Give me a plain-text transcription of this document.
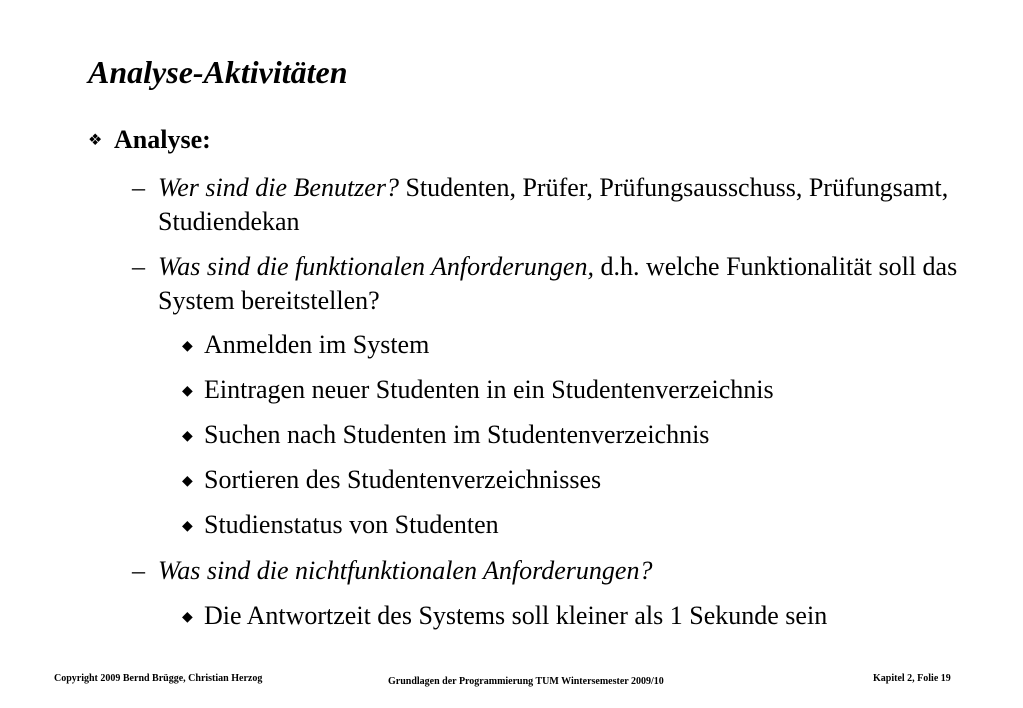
Analyse-Aktivitäten
❖ Analyse:
– Wer sind die Benutzer? Studenten, Prüfer, Prüfungsausschuss, Prüfungsamt, Studiendekan
– Was sind die funktionalen Anforderungen, d.h. welche Funktionalität soll das System bereitstellen?
◆ Anmelden im System
◆ Eintragen neuer Studenten in ein Studentenverzeichnis
◆ Suchen nach Studenten im Studentenverzeichnis
◆ Sortieren des Studentenverzeichnisses
◆ Studienstatus von Studenten
– Was sind die nichtfunktionalen Anforderungen?
◆ Die Antwortzeit des Systems soll kleiner als 1 Sekunde sein
Copyright 2009 Bernd Brügge, Christian Herzog	Grundlagen der Programmierung TUM Wintersemester 2009/10	Kapitel 2, Folie 19
